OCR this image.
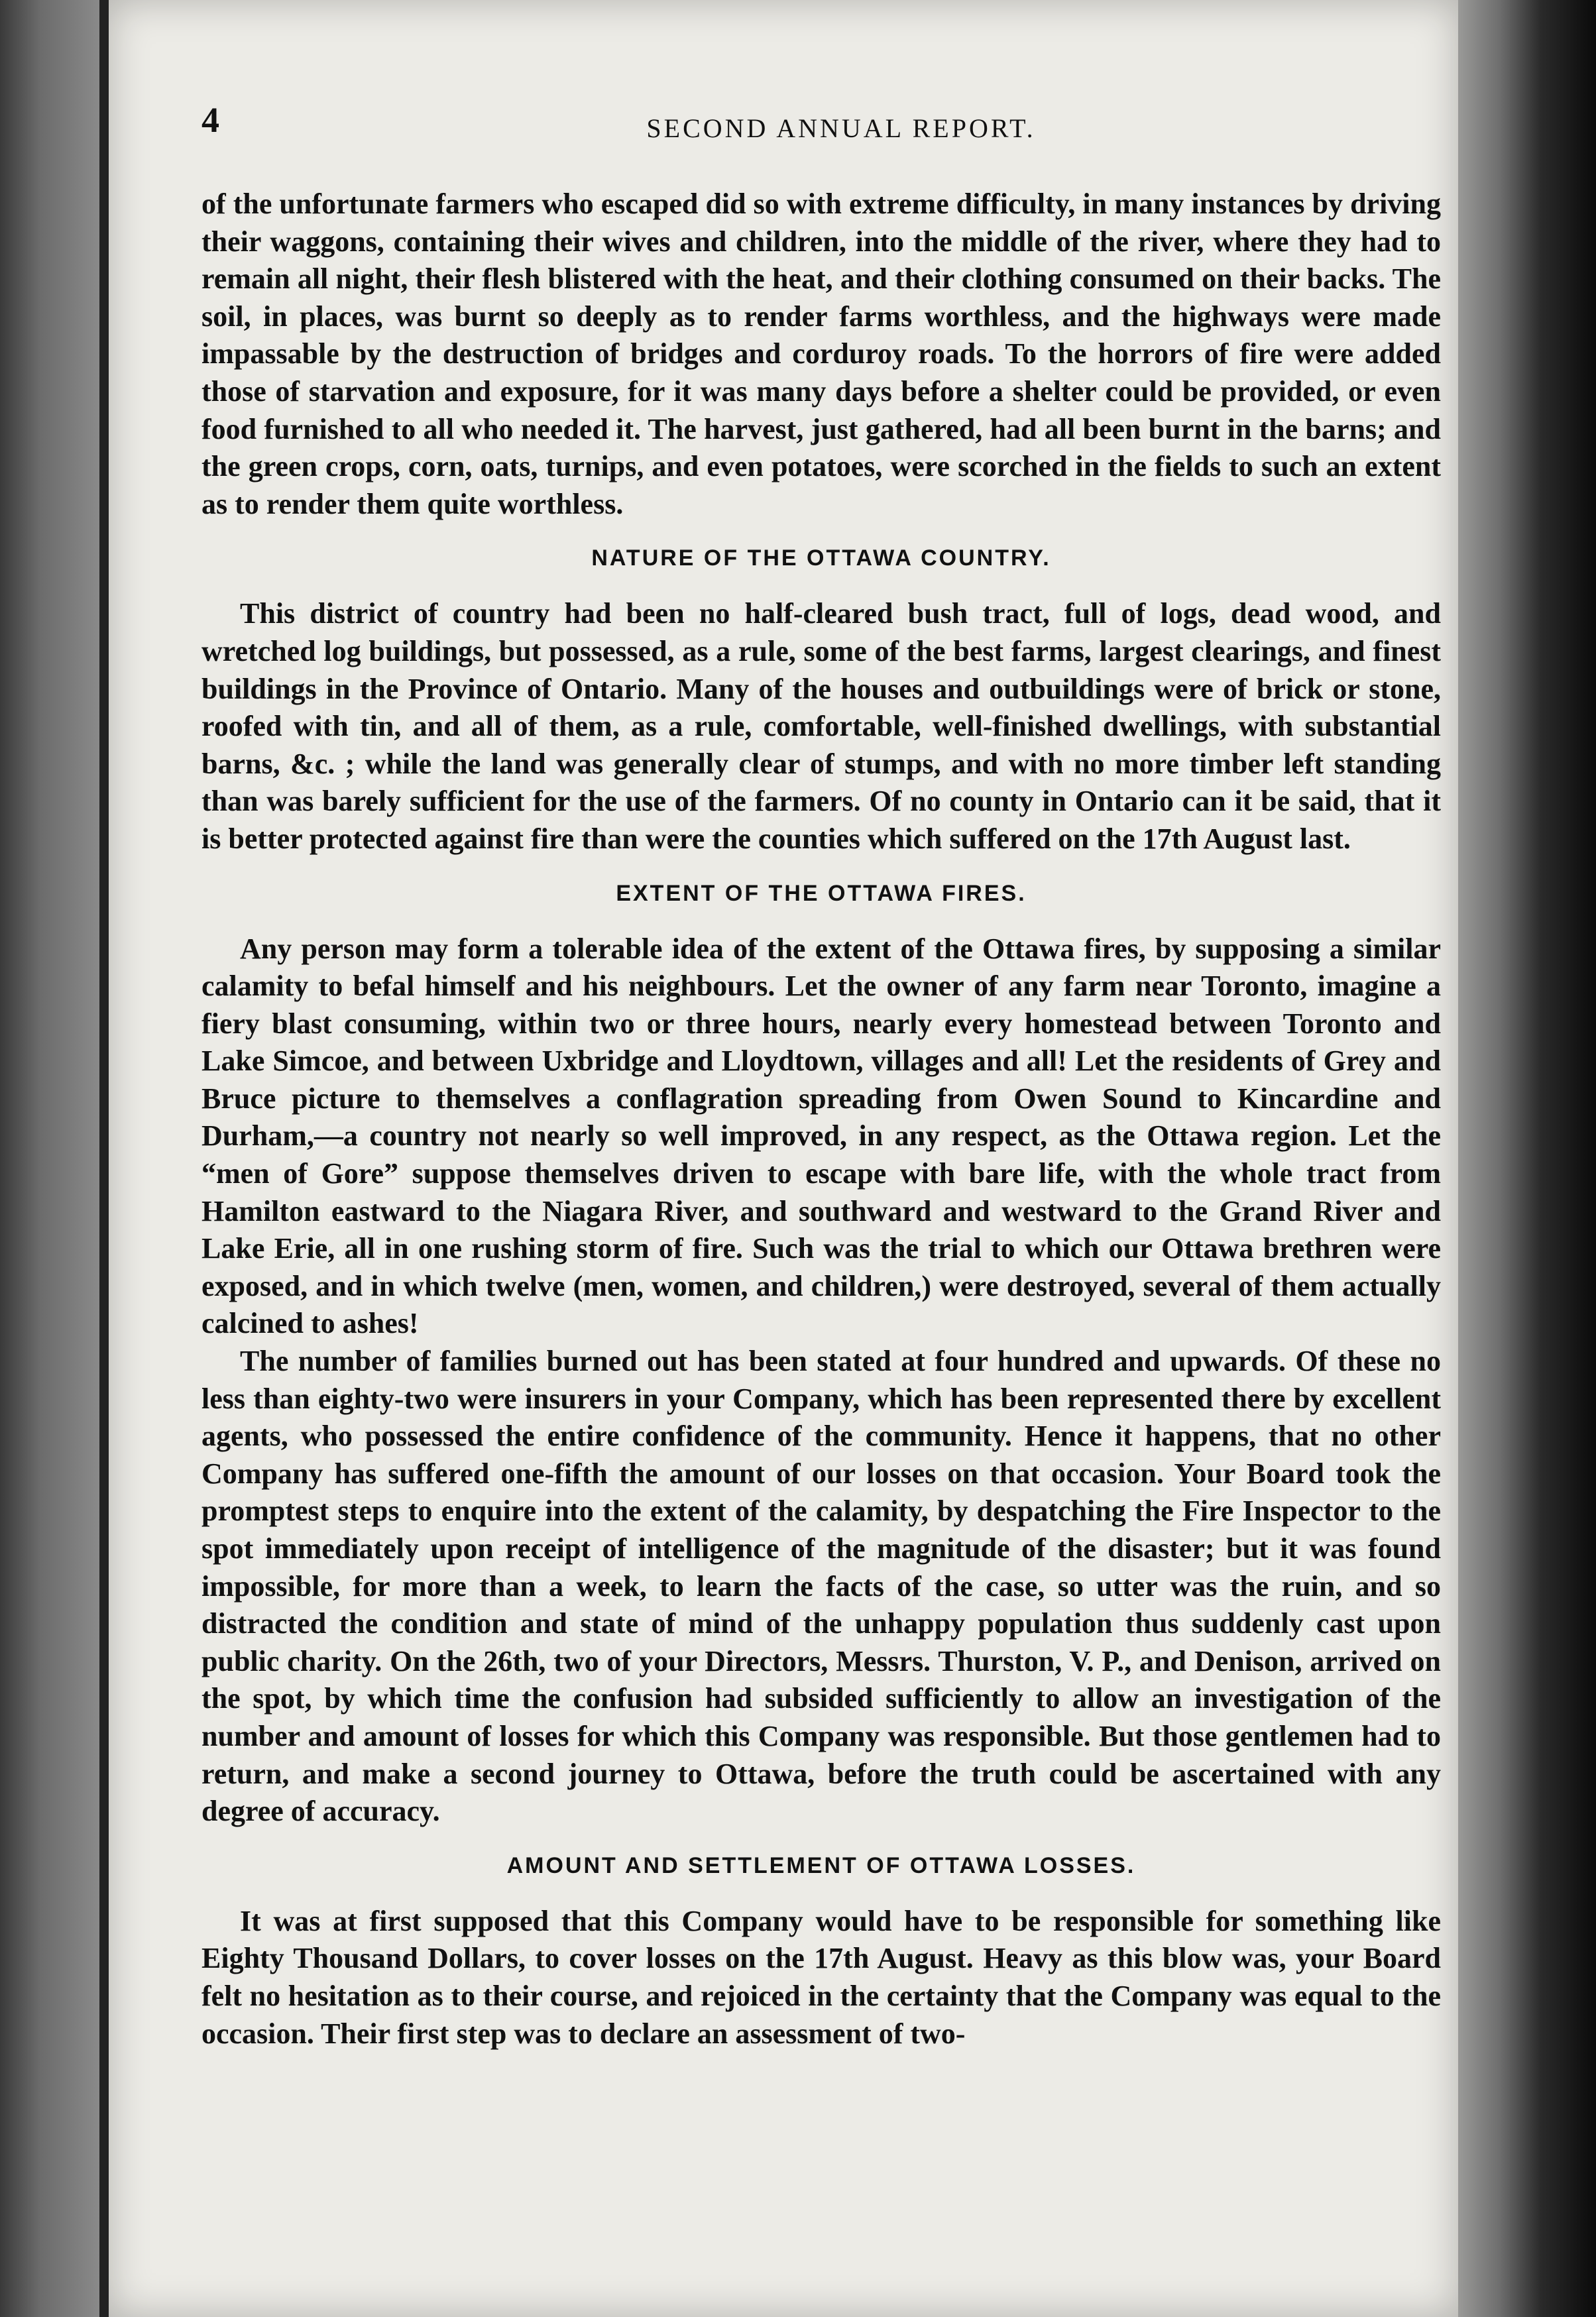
4	SECOND ANNUAL REPORT.

of the unfortunate farmers who escaped did so with extreme difficulty, in many instances by driving their waggons, containing their wives and children, into the middle of the river, where they had to remain all night, their flesh blistered with the heat, and their clothing consumed on their backs. The soil, in places, was burnt so deeply as to render farms worthless, and the highways were made impassable by the destruction of bridges and corduroy roads. To the horrors of fire were added those of starvation and exposure, for it was many days before a shelter could be provided, or even food furnished to all who needed it. The harvest, just gathered, had all been burnt in the barns; and the green crops, corn, oats, turnips, and even potatoes, were scorched in the fields to such an extent as to render them quite worthless.

NATURE OF THE OTTAWA COUNTRY.

This district of country had been no half-cleared bush tract, full of logs, dead wood, and wretched log buildings, but possessed, as a rule, some of the best farms, largest clearings, and finest buildings in the Province of Ontario. Many of the houses and outbuildings were of brick or stone, roofed with tin, and all of them, as a rule, comfortable, well-finished dwellings, with substantial barns, &c. ; while the land was generally clear of stumps, and with no more timber left standing than was barely sufficient for the use of the farmers. Of no county in Ontario can it be said, that it is better protected against fire than were the counties which suffered on the 17th August last.

EXTENT OF THE OTTAWA FIRES.

Any person may form a tolerable idea of the extent of the Ottawa fires, by supposing a similar calamity to befal himself and his neighbours. Let the owner of any farm near Toronto, imagine a fiery blast consuming, within two or three hours, nearly every homestead between Toronto and Lake Simcoe, and between Uxbridge and Lloydtown, villages and all! Let the residents of Grey and Bruce picture to themselves a conflagration spreading from Owen Sound to Kincardine and Durham,—a country not nearly so well improved, in any respect, as the Ottawa region. Let the “men of Gore” suppose themselves driven to escape with bare life, with the whole tract from Hamilton eastward to the Niagara River, and southward and westward to the Grand River and Lake Erie, all in one rushing storm of fire. Such was the trial to which our Ottawa brethren were exposed, and in which twelve (men, women, and children,) were destroyed, several of them actually calcined to ashes!

The number of families burned out has been stated at four hundred and upwards. Of these no less than eighty-two were insurers in your Company, which has been represented there by excellent agents, who possessed the entire confidence of the community. Hence it happens, that no other Company has suffered one-fifth the amount of our losses on that occasion. Your Board took the promptest steps to enquire into the extent of the calamity, by despatching the Fire Inspector to the spot immediately upon receipt of intelligence of the magnitude of the disaster; but it was found impossible, for more than a week, to learn the facts of the case, so utter was the ruin, and so distracted the condition and state of mind of the unhappy population thus suddenly cast upon public charity. On the 26th, two of your Directors, Messrs. Thurston, V. P., and Denison, arrived on the spot, by which time the confusion had subsided sufficiently to allow an investigation of the number and amount of losses for which this Company was responsible. But those gentlemen had to return, and make a second journey to Ottawa, before the truth could be ascertained with any degree of accuracy.

AMOUNT AND SETTLEMENT OF OTTAWA LOSSES.

It was at first supposed that this Company would have to be responsible for something like Eighty Thousand Dollars, to cover losses on the 17th August. Heavy as this blow was, your Board felt no hesitation as to their course, and rejoiced in the certainty that the Company was equal to the occasion. Their first step was to declare an assessment of two-
